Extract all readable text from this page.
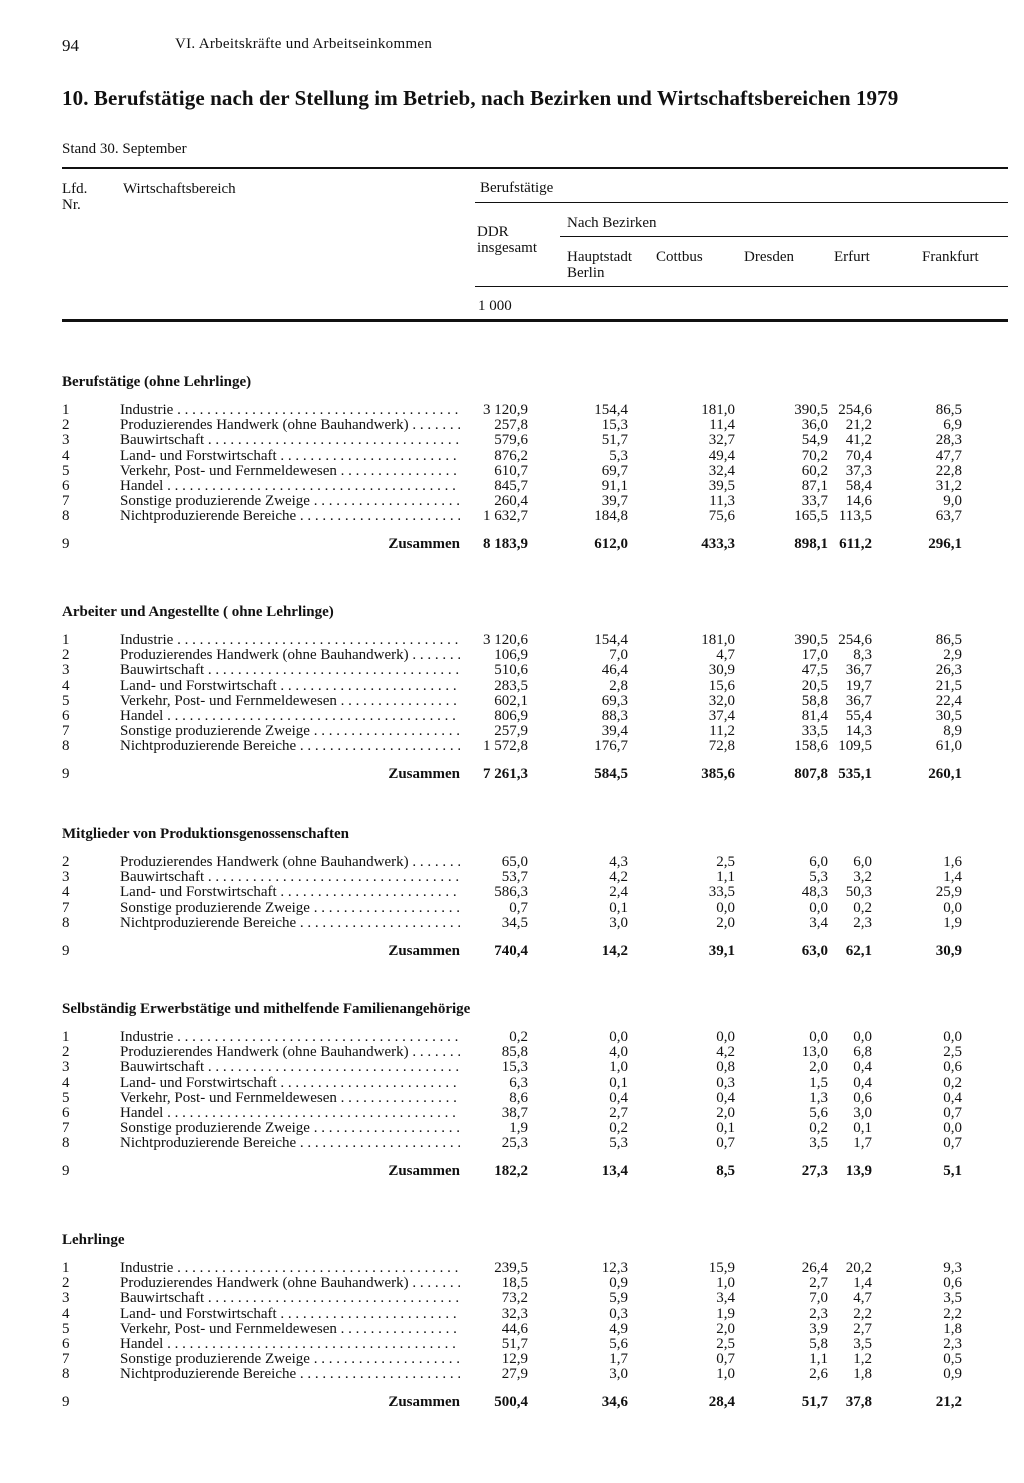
94	VI. Arbeitskräfte und Arbeitseinkommen
10. Berufstätige nach der Stellung im Betrieb, nach Bezirken und Wirtschaftsbereichen 1979
Stand 30. September
Lfd.
Nr.
Wirtschaftsbereich	Berufstätige
DDR
insgesamt
Nach Bezirken
Hauptstadt
Berlin
Cottbus	Dresden	Erfurt	Frankfurt
1 000
Berufstätige (ohne Lehrlinge)
1	Industrie . . .	3 120,9	154,4	181,0	390,5 254,6	86,5
2	Produzierendes Handwerk (ohne Bauhandwerk) . . .	257,8	15,3	11,4	36,0 21,2	6,9
3	Bauwirtschaft . . .	579,6	51,7	32,7	54,9 41,2	28,3
4	Land- und Forstwirtschaft . . .	876,2	5,3	49,4	70,2 70,4	47,7
5	Verkehr, Post- und Fernmeldewesen . . .	610,7	69,7	32,4	60,2 37,3	22,8
6	Handel . . .	845,7	91,1	39,5	87,1 58,4	31,2
7	Sonstige produzierende Zweige . . .	260,4	39,7	11,3	33,7 14,6	9,0
8	Nichtproduzierende Bereiche . . .	1 632,7	184,8	75,6	165,5 113,5	63,7
9	Zusammen 8 183,9	612,0	433,3	898,1 611,2	296,1
Arbeiter und Angestellte ( ohne Lehrlinge)
1	Industrie . . .	3 120,6	154,4	181,0	390,5 254,6	86,5
2	Produzierendes Handwerk (ohne Bauhandwerk) . . .	106,9	7,0	4,7	17,0 8,3	2,9
3	Bauwirtschaft . . .	510,6	46,4	30,9	47,5 36,7	26,3
4	Land- und Forstwirtschaft . . .	283,5	2,8	15,6	20,5 19,7	21,5
5	Verkehr, Post- und Fernmeldewesen . . .	602,1	69,3	32,0	58,8 36,7	22,4
6	Handel . . .	806,9	88,3	37,4	81,4 55,4	30,5
7	Sonstige produzierende Zweige . . .	257,9	39,4	11,2	33,5 14,3	8,9
8	Nichtproduzierende Bereiche . . .	1 572,8	176,7	72,8	158,6 109,5	61,0
9	Zusammen 7 261,3	584,5	385,6	807,8 535,1	260,1
Mitglieder von Produktionsgenossenschaften
2	Produzierendes Handwerk (ohne Bauhandwerk) . . .	65,0	4,3	2,5	6,0 6,0	1,6
3	Bauwirtschaft . . .	53,7	4,2	1,1	5,3 3,2	1,4
4	Land- und Forstwirtschaft . . .	586,3	2,4	33,5	48,3 50,3	25,9
7	Sonstige produzierende Zweige . . .	0,7	0,1	0,0	0,0 0,2	0,0
8	Nichtproduzierende Bereiche . . .	34,5	3,0	2,0	3,4 2,3	1,9
9	Zusammen 740,4	14,2	39,1	63,0 62,1	30,9
Selbständig Erwerbstätige und mithelfende Familienangehörige
1	Industrie . . .	0,2	0,0	0,0	0,0 0,0	0,0
2	Produzierendes Handwerk (ohne Bauhandwerk) . . .	85,8	4,0	4,2	13,0 6,8	2,5
3	Bauwirtschaft . . .	15,3	1,0	0,8	2,0 0,4	0,6
4	Land- und Forstwirtschaft . . .	6,3	0,1	0,3	1,5 0,4	0,2
5	Verkehr, Post- und Fernmeldewesen . . .	8,6	0,4	0,4	1,3 0,6	0,4
6	Handel . . .	38,7	2,7	2,0	5,6 3,0	0,7
7	Sonstige produzierende Zweige . . .	1,9	0,2	0,1	0,2 0,1	0,0
8	Nichtproduzierende Bereiche . . .	25,3	5,3	0,7	3,5 1,7	0,7
9	Zusammen 182,2	13,4	8,5	27,3 13,9	5,1
Lehrlinge
1	Industrie . . .	239,5	12,3	15,9	26,4 20,2	9,3
2	Produzierendes Handwerk (ohne Bauhandwerk) . . .	18,5	0,9	1,0	2,7 1,4	0,6
3	Bauwirtschaft . . .	73,2	5,9	3,4	7,0 4,7	3,5
4	Land- und Forstwirtschaft . . .	32,3	0,3	1,9	2,3 2,2	2,2
5	Verkehr, Post- und Fernmeldewesen . . .	44,6	4,9	2,0	3,9 2,7	1,8
6	Handel . . .	51,7	5,6	2,5	5,8 3,5	2,3
7	Sonstige produzierende Zweige . . .	12,9	1,7	0,7	1,1 1,2	0,5
8	Nichtproduzierende Bereiche . . .	27,9	3,0	1,0	2,6 1,8	0,9
9	Zusammen 500,4	34,6	28,4	51,7 37,8	21,2
